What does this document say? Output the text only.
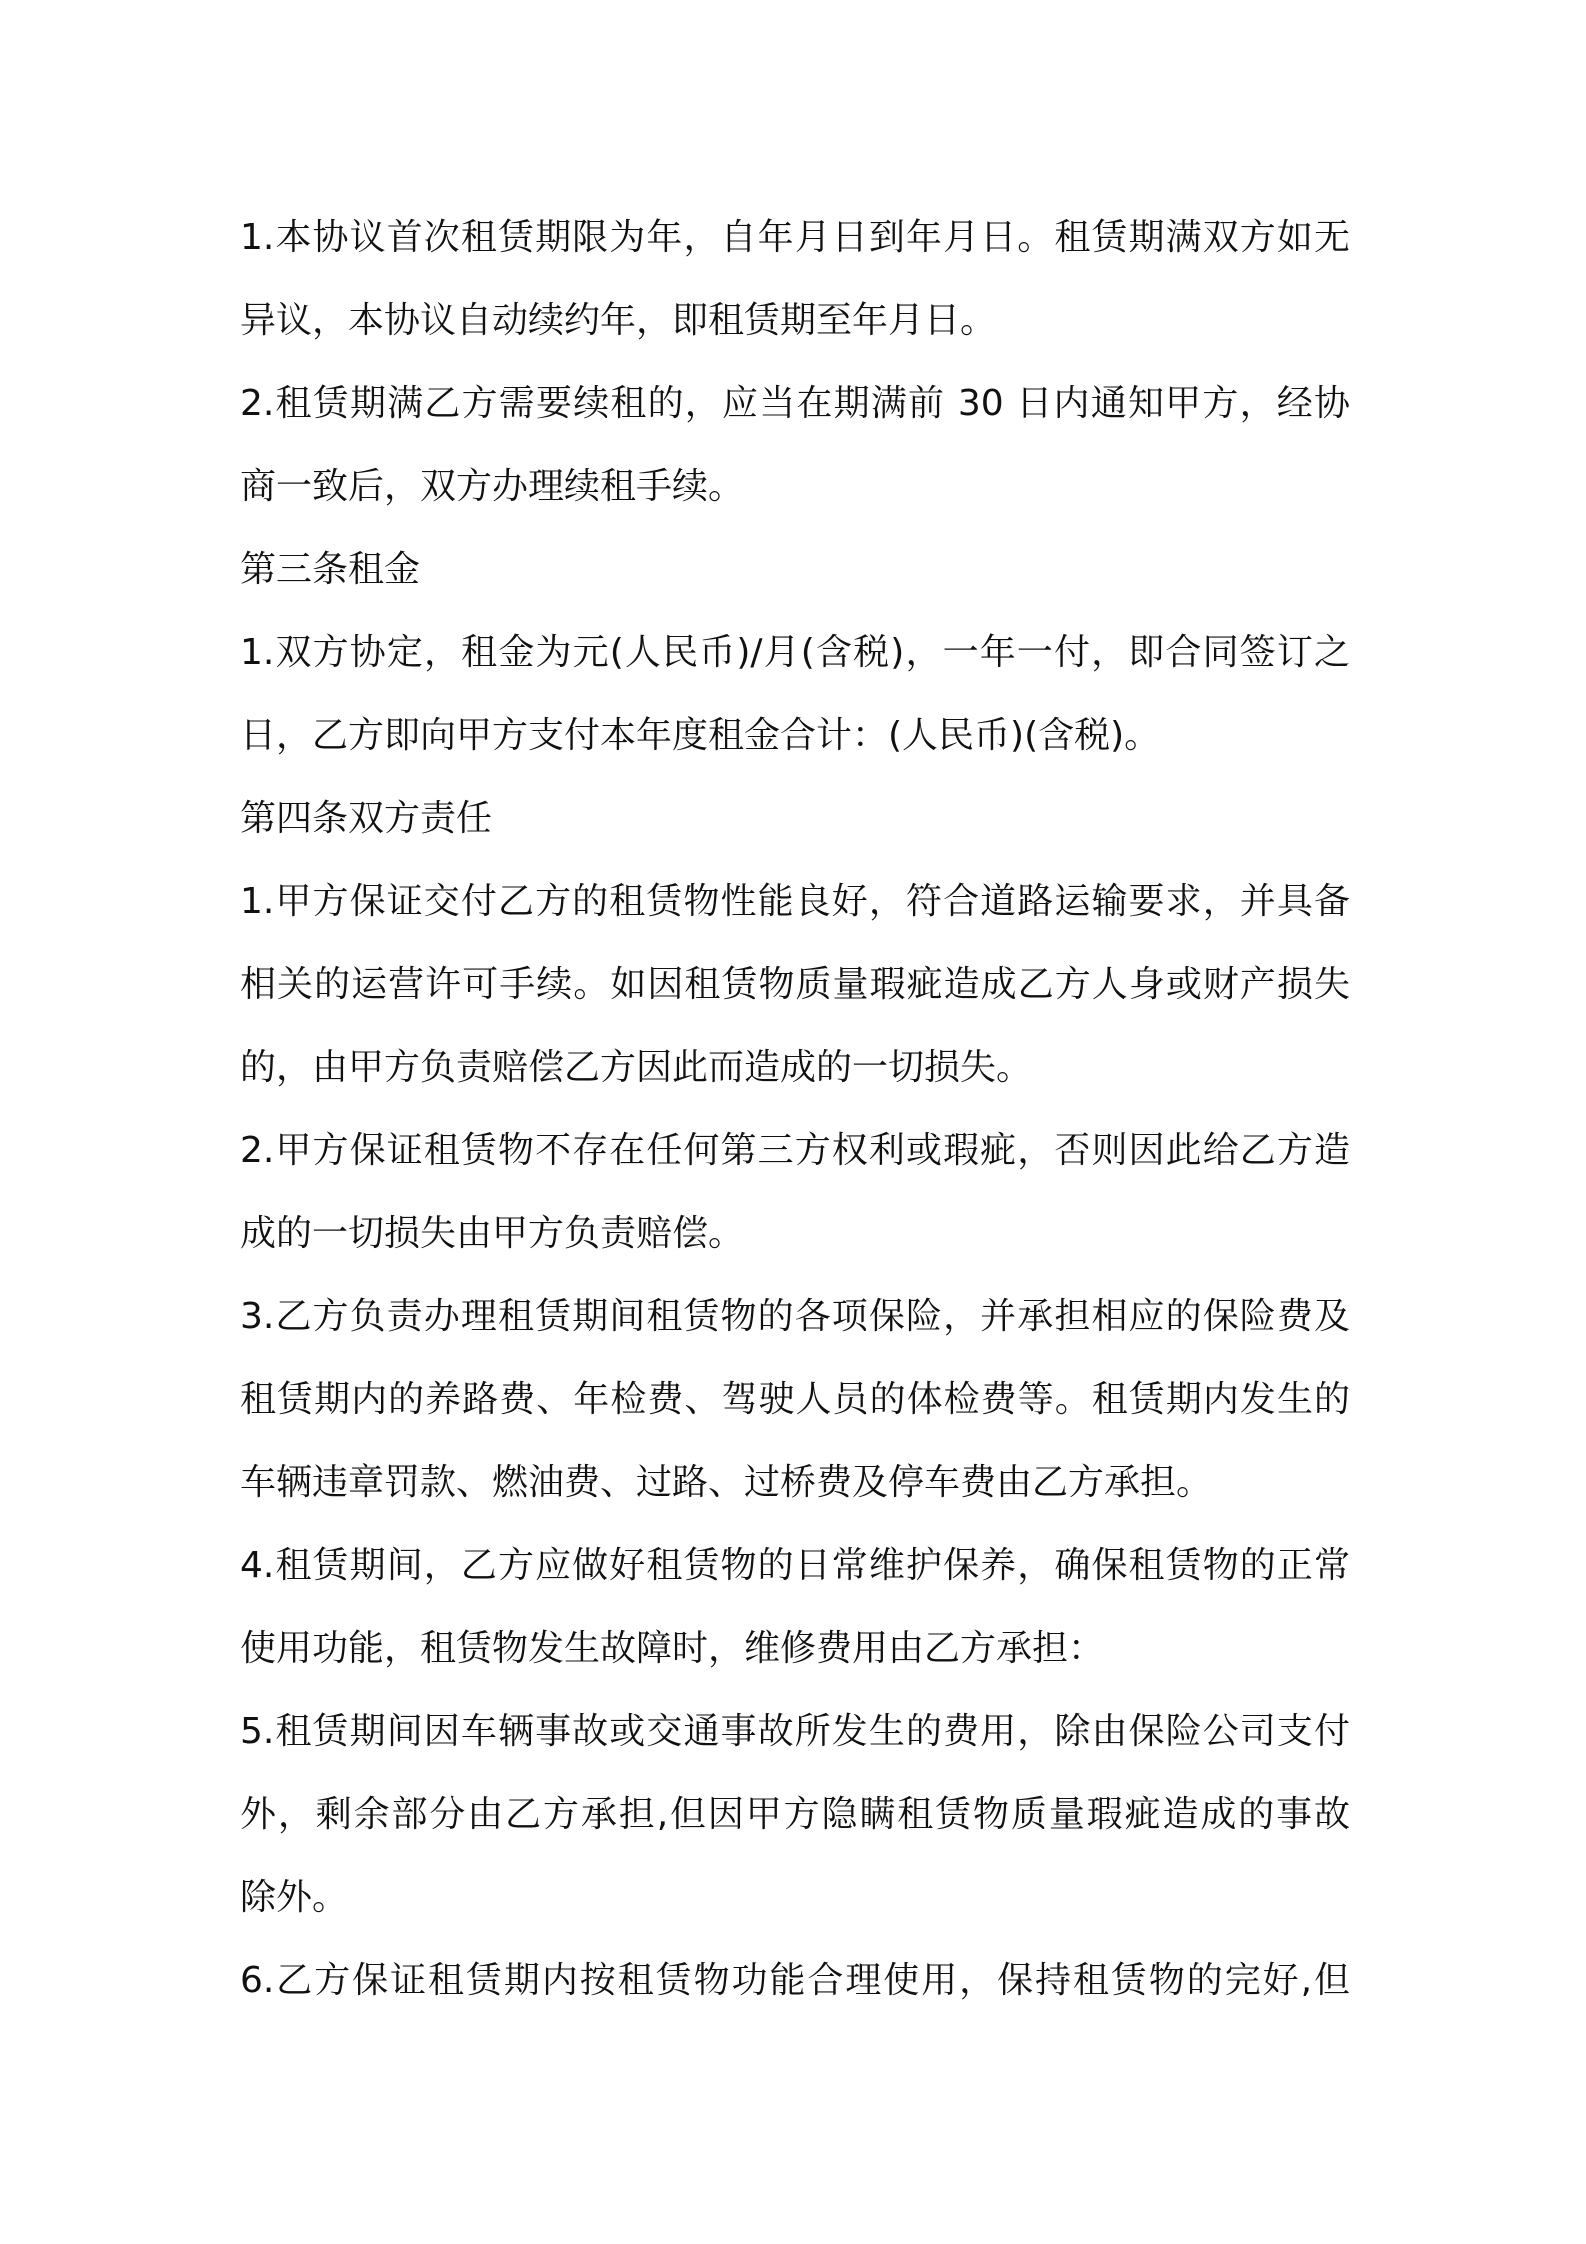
1.本协议首次租赁期限为年，自年月日到年月日。租赁期满双方如无

异议，本协议自动续约年，即租赁期至年月日。

2.租赁期满乙方需要续租的，应当在期满前 30 日内通知甲方，经协

商一致后，双方办理续租手续。

第三条租金

1.双方协定，租金为元(人民币)/月(含税)，一年一付，即合同签订之

日，乙方即向甲方支付本年度租金合计：(人民币)(含税)。

第四条双方责任

1.甲方保证交付乙方的租赁物性能良好，符合道路运输要求，并具备

相关的运营许可手续。如因租赁物质量瑕疵造成乙方人身或财产损失

的，由甲方负责赔偿乙方因此而造成的一切损失。

2.甲方保证租赁物不存在任何第三方权利或瑕疵，否则因此给乙方造

成的一切损失由甲方负责赔偿。

3.乙方负责办理租赁期间租赁物的各项保险，并承担相应的保险费及

租赁期内的养路费、年检费、驾驶人员的体检费等。租赁期内发生的

车辆违章罚款、燃油费、过路、过桥费及停车费由乙方承担。

4.租赁期间，乙方应做好租赁物的日常维护保养，确保租赁物的正常

使用功能，租赁物发生故障时，维修费用由乙方承担：

5.租赁期间因车辆事故或交通事故所发生的费用，除由保险公司支付

外，剩余部分由乙方承担,但因甲方隐瞒租赁物质量瑕疵造成的事故

除外。

6.乙方保证租赁期内按租赁物功能合理使用，保持租赁物的完好,但
